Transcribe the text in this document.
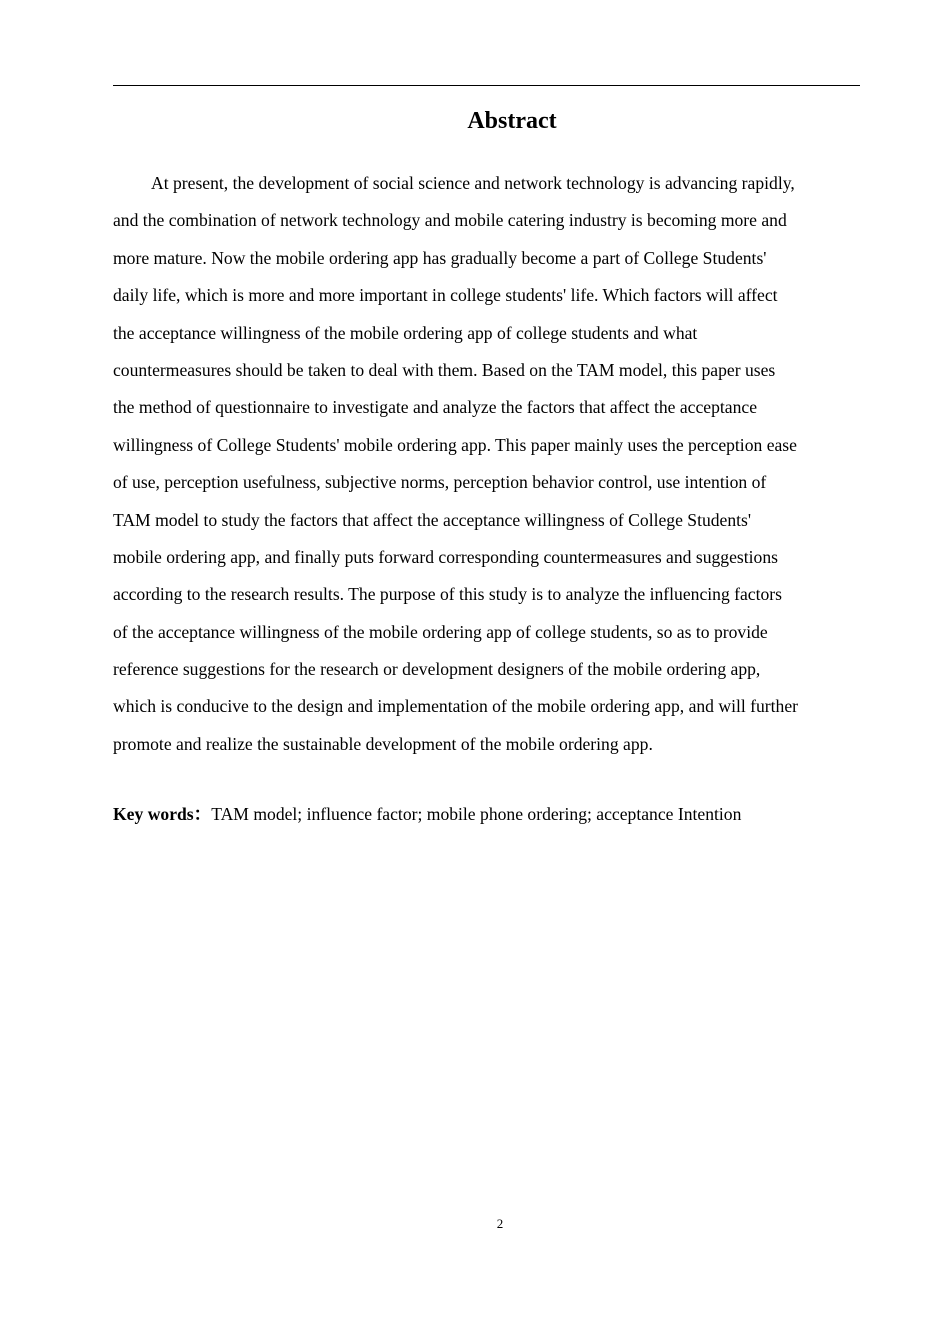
Abstract
At present, the development of social science and network technology is advancing rapidly,
and the combination of network technology and mobile catering industry is becoming more and
more mature. Now the mobile ordering app has gradually become a part of College Students'
daily life, which is more and more important in college students' life. Which factors will affect
the acceptance willingness of the mobile ordering app of college students and what
countermeasures should be taken to deal with them. Based on the TAM model, this paper uses
the method of questionnaire to investigate and analyze the factors that affect the acceptance
willingness of College Students' mobile ordering app. This paper mainly uses the perception ease
of use, perception usefulness, subjective norms, perception behavior control, use intention of
TAM model to study the factors that affect the acceptance willingness of College Students'
mobile ordering app, and finally puts forward corresponding countermeasures and suggestions
according to the research results. The purpose of this study is to analyze the influencing factors
of the acceptance willingness of the mobile ordering app of college students, so as to provide
reference suggestions for the research or development designers of the mobile ordering app,
which is conducive to the design and implementation of the mobile ordering app, and will further
promote and realize the sustainable development of the mobile ordering app.

Key words：TAM model; influence factor; mobile phone ordering; acceptance Intention

2
